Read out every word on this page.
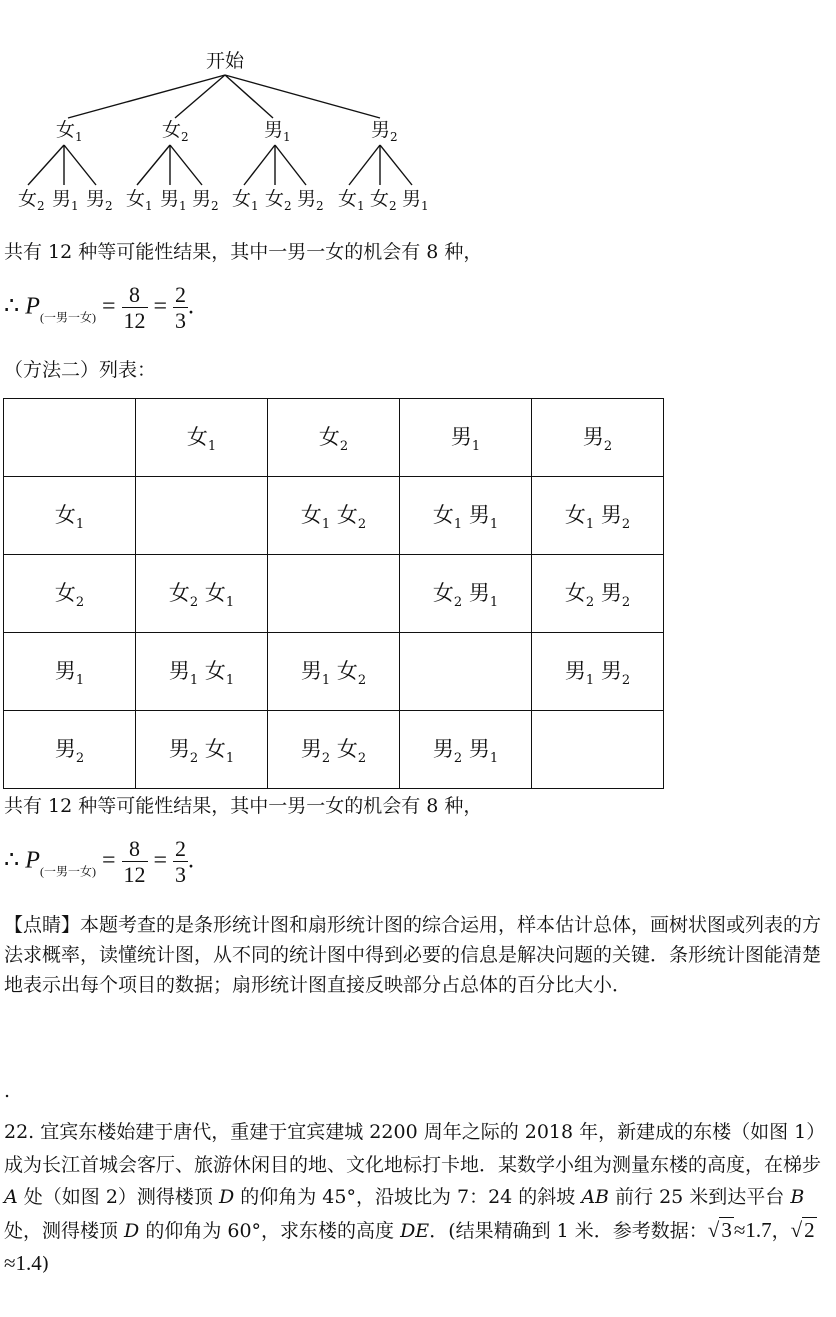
开始
女$_1$	女$_2$	男$_1$	男$_2$
女$_2$ 男$_1$ 男$_2$ 女$_1$ 男$_1$ 男$_2$ 女$_1$ 女$_2$ 男$_2$ 女$_1$ 女$_2$ 男$_1$
共有 12 种等可能性结果，其中一男一女的机会有 8 种，
∴ $P_{(一男一女)} = \frac{8}{12} = \frac{2}{3}$ .
（方法二）列表：
	女$_1$	女$_2$	男$_1$	男$_2$
女$_1$		女$_1$ 女$_2$	女$_1$ 男$_1$	女$_1$ 男$_2$
女$_2$	女$_2$ 女$_1$		女$_2$ 男$_1$	女$_2$ 男$_2$
男$_1$	男$_1$ 女$_1$	男$_1$ 女$_2$		男$_1$ 男$_2$
男$_2$	男$_2$ 女$_1$	男$_2$ 女$_2$	男$_2$ 男$_1$	
共有 12 种等可能性结果，其中一男一女的机会有 8 种，
∴ $P_{(一男一女)} = \frac{8}{12} = \frac{2}{3}$ .
【点睛】本题考查的是条形统计图和扇形统计图的综合运用，样本估计总体，画树状图或列表的方法求概率，读懂统计图，从不同的统计图中得到必要的信息是解决问题的关键．条形统计图能清楚地表示出每个项目的数据；扇形统计图直接反映部分占总体的百分比大小．
.
22. 宜宾东楼始建于唐代，重建于宜宾建城 2200 周年之际的 2018 年，新建成的东楼（如图 1）成为长江首城会客厅、旅游休闲目的地、文化地标打卡地．某数学小组为测量东楼的高度，在梯步 A 处（如图 2）测得楼顶 D 的仰角为 45°，沿坡比为 7：24 的斜坡 AB 前行 25 米到达平台 B 处，测得楼顶 D 的仰角为 60°，求东楼的高度 DE．(结果精确到 1 米．参考数据：√3≈1.7，√2≈1.4)
